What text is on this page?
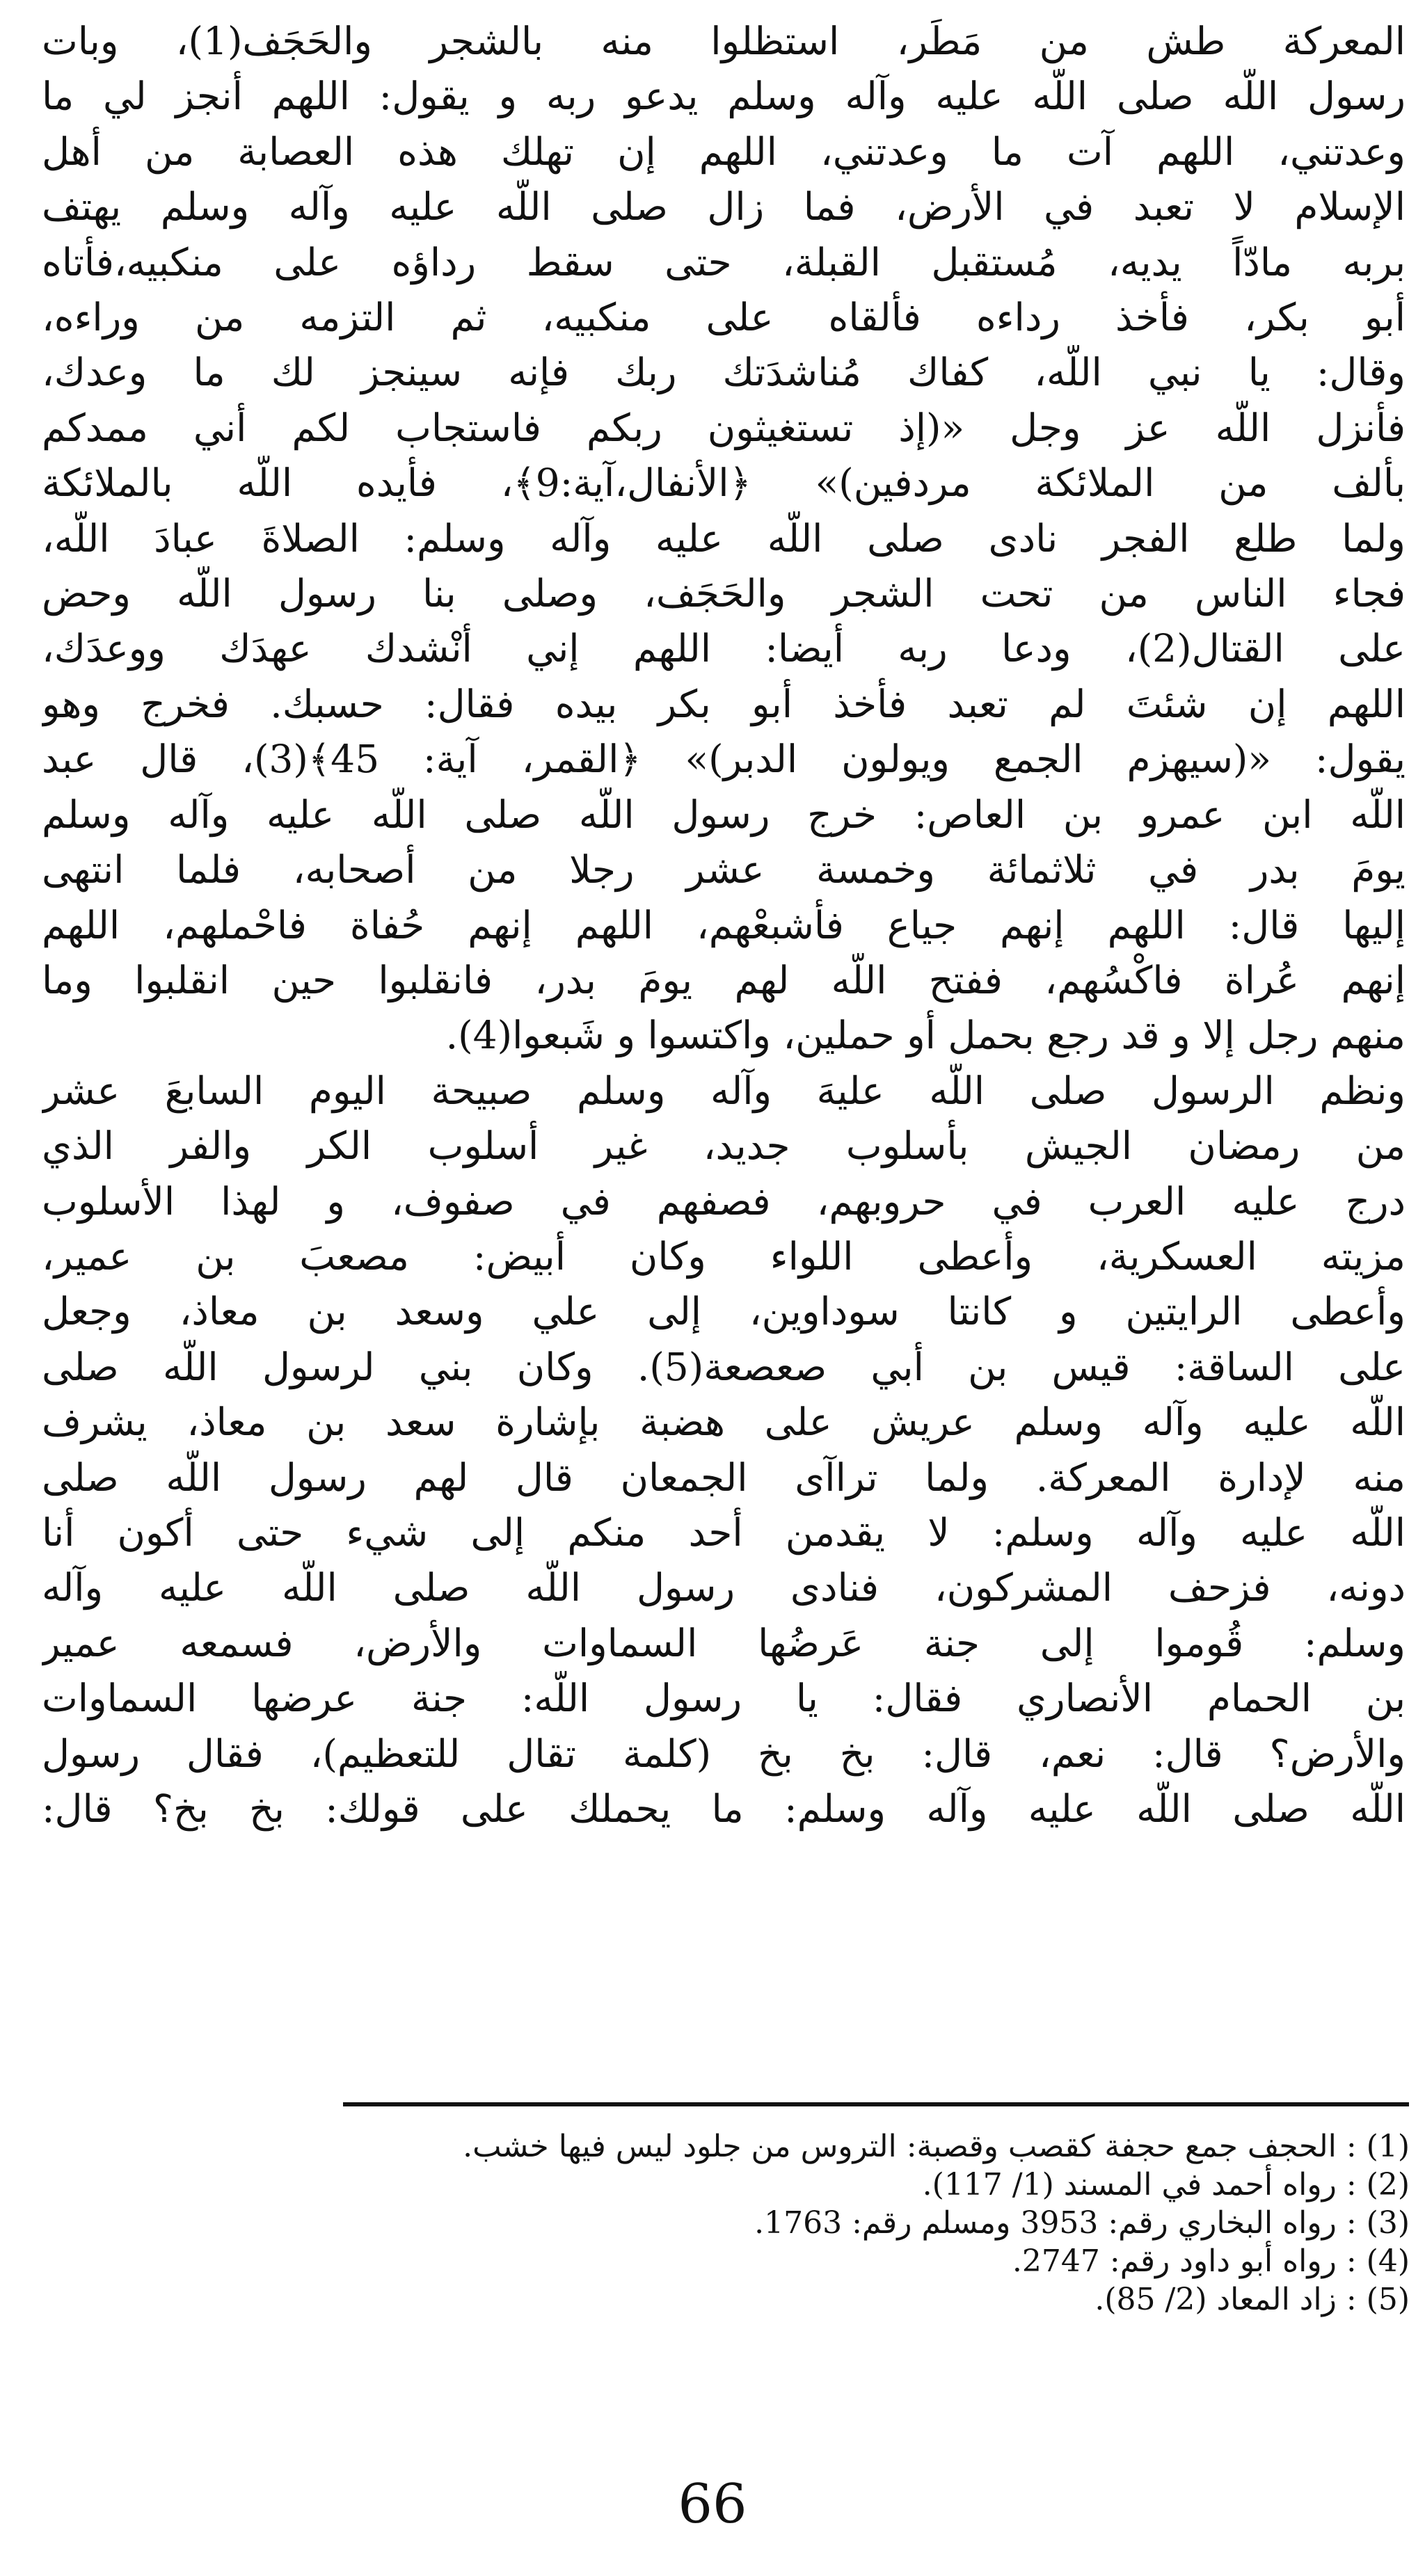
المعركة طش من مَطَر، استظلوا منه بالشجر والحَجَف(1)، وبات
رسول اللّه صلى اللّه عليه وآله وسلم يدعو ربه و يقول: اللهم أنجز لي ما
وعدتني، اللهم آت ما وعدتني، اللهم إن تهلك هذه العصابة من أهل
الإسلام لا تعبد في الأرض، فما زال صلى اللّه عليه وآله وسلم يهتف
بربه مادّاً يديه، مُستقبل القبلة، حتى سقط رداؤه على منكبيه،فأتاه
أبو بكر، فأخذ رداءه فألقاه على منكبيه، ثم التزمه من وراءه،
وقال: يا نبي اللّه، كفاك مُناشدَتك ربك فإنه سينجز لك ما وعدك،
فأنزل اللّه عز وجل «(إذ تستغيثون ربكم فاستجاب لكم أني ممدكم
بألف من الملائكة مردفين)» ﴿الأنفال،آية:9﴾، فأيده اللّه بالملائكة
ولما طلع الفجر نادى صلى اللّه عليه وآله وسلم: الصلاةَ عبادَ اللّه،
فجاء الناس من تحت الشجر والحَجَف، وصلى بنا رسول اللّه وحض
على القتال(2)، ودعا ربه أيضا: اللهم إني أنْشدك عهدَك ووعدَك،
اللهم إن شئتَ لم تعبد فأخذ أبو بكر بيده فقال: حسبك. فخرج وهو
يقول: «(سيهزم الجمع ويولون الدبر)» ﴿القمر، آية: 45﴾(3)، قال عبد
اللّه ابن عمرو بن العاص: خرج رسول اللّه صلى اللّه عليه وآله وسلم
يومَ بدر في ثلاثمائة وخمسة عشر رجلا من أصحابه، فلما انتهى
إليها قال: اللهم إنهم جياع فأشبعْهم، اللهم إنهم حُفاة فاحْملهم، اللهم
إنهم عُراة فاكْسُهم، ففتح اللّه لهم يومَ بدر، فانقلبوا حين انقلبوا وما
منهم رجل إلا و قد رجع بحمل أو حملين، واكتسوا و شَبعوا(4).

ونظم الرسول صلى اللّه عليهَ وآله وسلم صبيحة اليوم السابعَ عشر
من رمضان الجيش بأسلوب جديد، غير أسلوب الكر والفر الذي
درج عليه العرب في حروبهم، فصفهم في صفوف، و لهذا الأسلوب
مزيته العسكرية، وأعطى اللواء وكان أبيض: مصعبَ بن عمير،
وأعطى الرايتين و كانتا سوداوين، إلى علي وسعد بن معاذ، وجعل
على الساقة: قيس بن أبي صعصعة(5). وكان بني لرسول اللّه صلى
اللّه عليه وآله وسلم عريش على هضبة بإشارة سعد بن معاذ، يشرف
منه لإدارة المعركة. ولما تراآى الجمعان قال لهم رسول اللّه صلى
اللّه عليه وآله وسلم: لا يقدمن أحد منكم إلى شيء حتى أكون أنا
دونه، فزحف المشركون، فنادى رسول اللّه صلى اللّه عليه وآله
وسلم: قُوموا إلى جنة عَرضُها السماوات والأرض، فسمعه عمير
بن الحمام الأنصاري فقال: يا رسول اللّه: جنة عرضها السماوات
والأرض؟ قال: نعم، قال: بخ بخ (كلمة تقال للتعظيم)، فقال رسول
اللّه صلى اللّه عليه وآله وسلم: ما يحملك على قولك: بخ بخ؟ قال:

(1) : الحجف جمع حجفة كقصب وقصبة: التروس من جلود ليس فيها خشب.
(2) : رواه أحمد في المسند (1/ 117).
(3) : رواه البخاري رقم: 3953 ومسلم رقم: 1763.
(4) : رواه أبو داود رقم: 2747.
(5) : زاد المعاد (2/ 85).
66
